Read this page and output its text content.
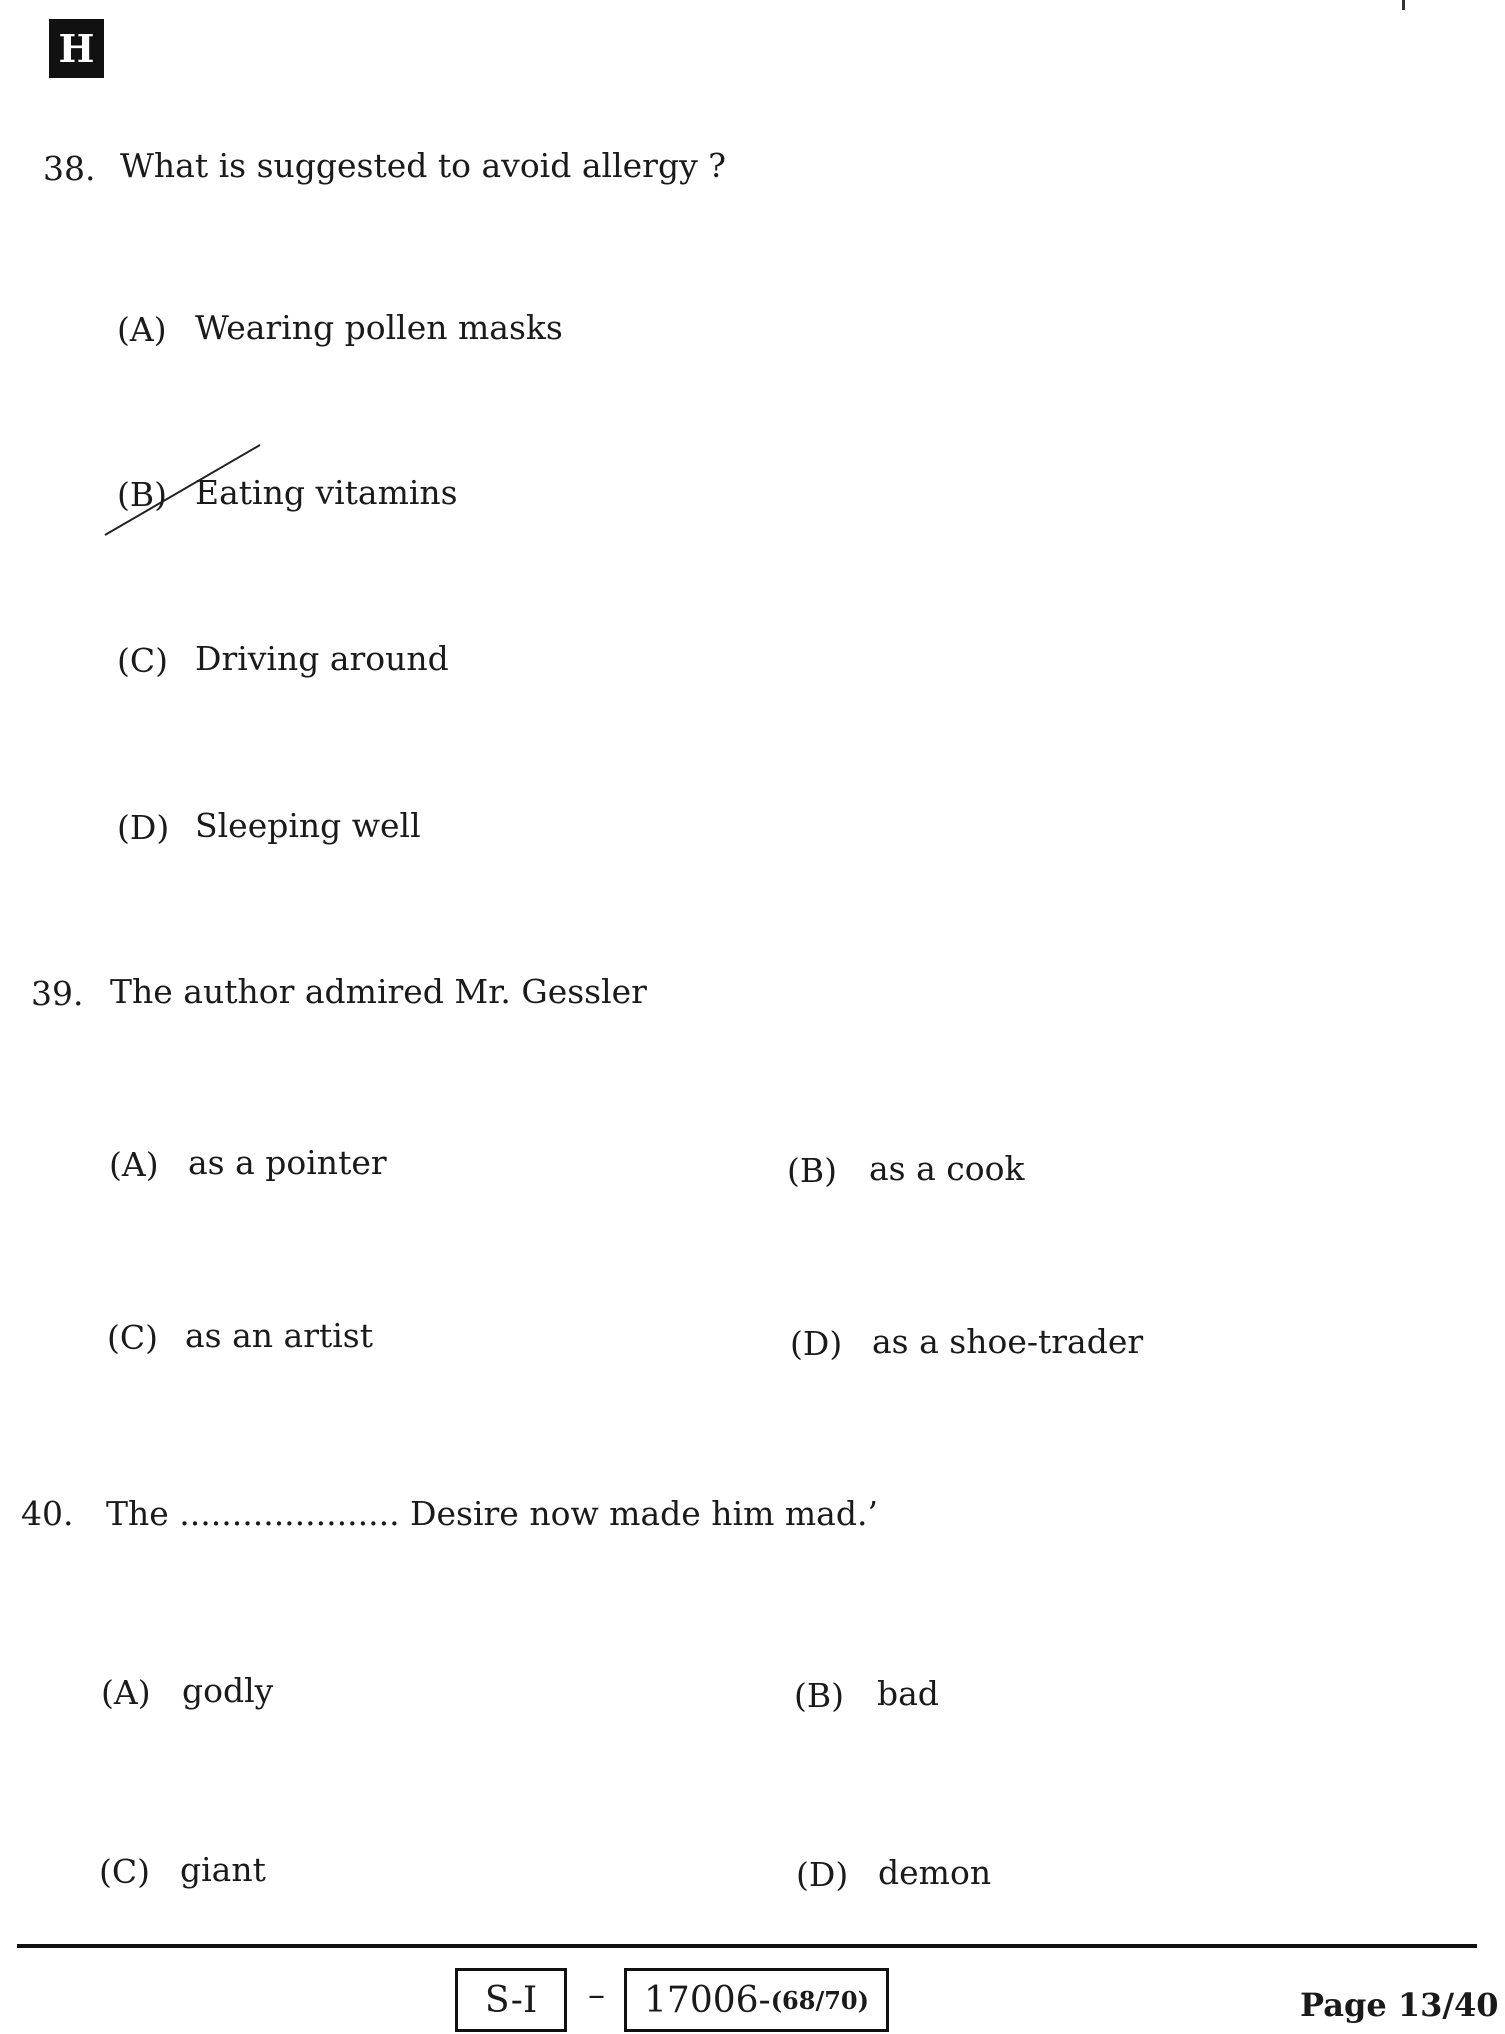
H
38. What is suggested to avoid allergy ?
(A) Wearing pollen masks
(B) Eating vitamins
(C) Driving around
(D) Sleeping well
39. The author admired Mr. Gessler
(A) as a pointer	(B) as a cook
(C) as an artist	(D) as a shoe-trader
40. The ..................... Desire now made him mad.’
(A) godly	(B) bad
(C) giant	(D) demon
S-I – 17006- (68/70)	Page 13/40
